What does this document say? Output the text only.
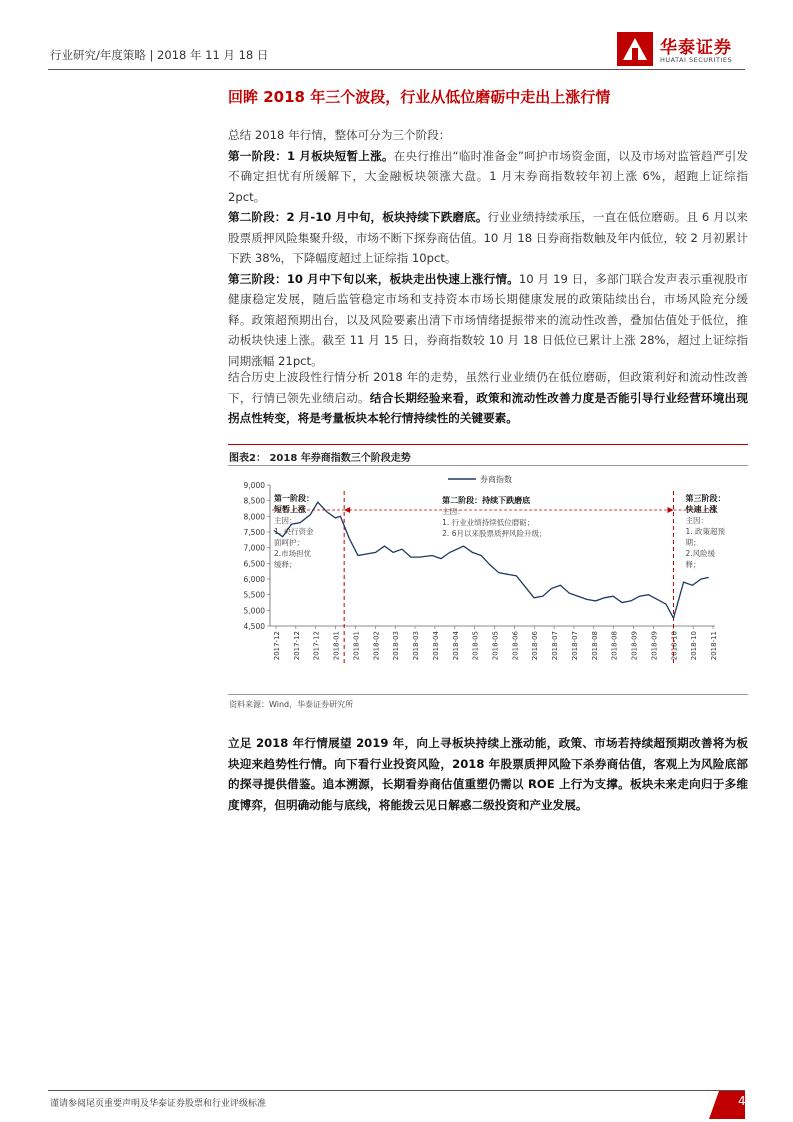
行业研究/年度策略 | 2018 年 11 月 18 日	华泰证券
HUATAI SECURITIES
回眸 2018 年三个波段，行业从低位磨砺中走出上涨行情
总结 2018 年行情，整体可分为三个阶段：
第一阶段：1 月板块短暂上涨。在央行推出“临时准备金”呵护市场资金面，以及市场对监管趋严引发不确定担忧有所缓解下，大金融板块领涨大盘。1 月末券商指数较年初上涨 6%，超跑上证综指 2pct。
第二阶段：2 月-10 月中旬，板块持续下跌磨底。行业业绩持续承压，一直在低位磨砺。且 6 月以来股票质押风险集聚升级，市场不断下探券商估值。10 月 18 日券商指数触及年内低位，较 2 月初累计下跌 38%，下降幅度超过上证综指 10pct。
第三阶段：10 月中下旬以来，板块走出快速上涨行情。10 月 19 日，多部门联合发声表示重视股市健康稳定发展，随后监管稳定市场和支持资本市场长期健康发展的政策陆续出台，市场风险充分缓释。政策超预期出台，以及风险要素出清下市场情绪提振带来的流动性改善，叠加估值处于低位，推动板块快速上涨。截至 11 月 15 日，券商指数较 10 月 18 日低位已累计上涨 28%，超过上证综指同期涨幅 21pct。
结合历史上波段性行情分析 2018 年的走势，虽然行业业绩仍在低位磨砺，但政策利好和流动性改善下，行情已领先业绩启动。结合长期经验来看，政策和流动性改善力度是否能引导行业经营环境出现拐点性转变，将是考量板块本轮行情持续性的关键要素。
图表2： 2018 年券商指数三个阶段走势
9,000
8,500
8,000
7,500
7,000
6,500
6,000
5,500
5,000
4,500
2017-12 2017-12 2017-12 2018-01 2018-01 2018-02 2018-03 2018-03 2018-04 2018-04 2018-05 2018-05 2018-06 2018-06 2018-07 2018-07 2018-08 2018-08 2018-09 2018-09 2018-10 2018-10 2018-11
券商指数
第一阶段：
短暂上涨
主因：
1. 央行资金
面呵护；
2.市场担忧
缓释；
第二阶段：持续下跌磨底
主因：
1. 行业业绩持续低位磨砺；
2. 6月以来股票质押风险升级；
第三阶段：
快速上涨
主因：
1. 政策超预
期；
2.风险缓
释；
资料来源：Wind，华泰证券研究所
立足 2018 年行情展望 2019 年，向上寻板块持续上涨动能，政策、市场若持续超预期改善将为板块迎来趋势性行情。向下看行业投资风险，2018 年股票质押风险下杀券商估值，客观上为风险底部的探寻提供借鉴。追本溯源，长期看券商估值重塑仍需以 ROE 上行为支撑。板块未来走向归于多维度博弈，但明确动能与底线，将能拨云见日解惑二级投资和产业发展。
谨请参阅尾页重要声明及华泰证券股票和行业评级标准	4
